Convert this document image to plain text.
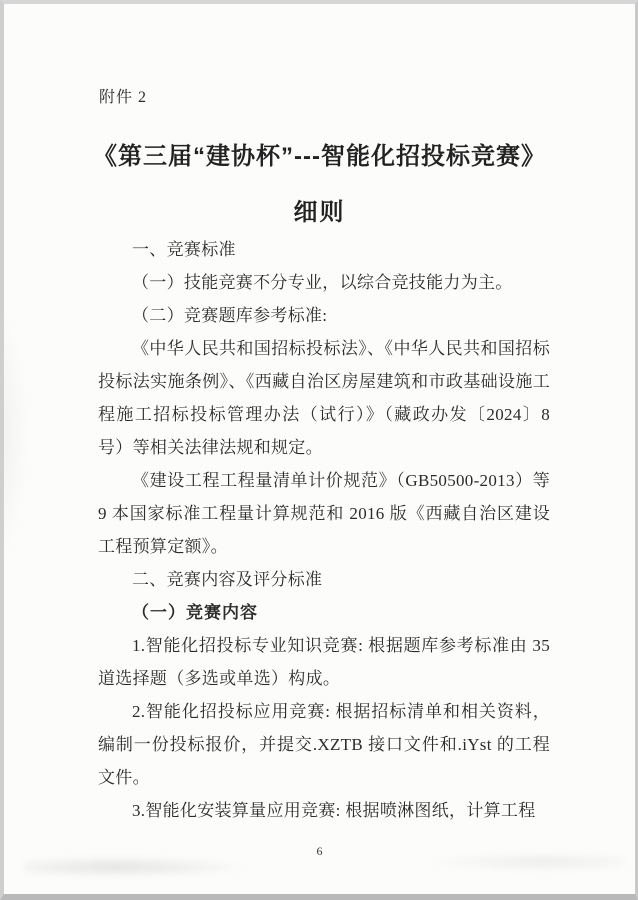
附件 2
《第三届“建协杯”---智能化招投标竞赛》
细则

一、竞赛标准

（一）技能竞赛不分专业，以综合竞技能力为主。

（二）竞赛题库参考标准:

《中华人民共和国招标投标法》、《中华人民共和国招标投标法实施条例》、《西藏自治区房屋建筑和市政基础设施工程施工招标投标管理办法（试行）》（藏政办发〔2024〕8 号）等相关法律法规和规定。

《建设工程工程量清单计价规范》（GB50500-2013）等 9 本国家标准工程量计算规范和 2016 版《西藏自治区建设工程预算定额》。

二、竞赛内容及评分标准

（一）竞赛内容

1.智能化招投标专业知识竞赛: 根据题库参考标准由 35 道选择题（多选或单选）构成。

2.智能化招投标应用竞赛: 根据招标清单和相关资料，编制一份投标报价，并提交.XZTB 接口文件和.iYst 的工程文件。

3.智能化安装算量应用竞赛: 根据喷淋图纸，计算工程

6
